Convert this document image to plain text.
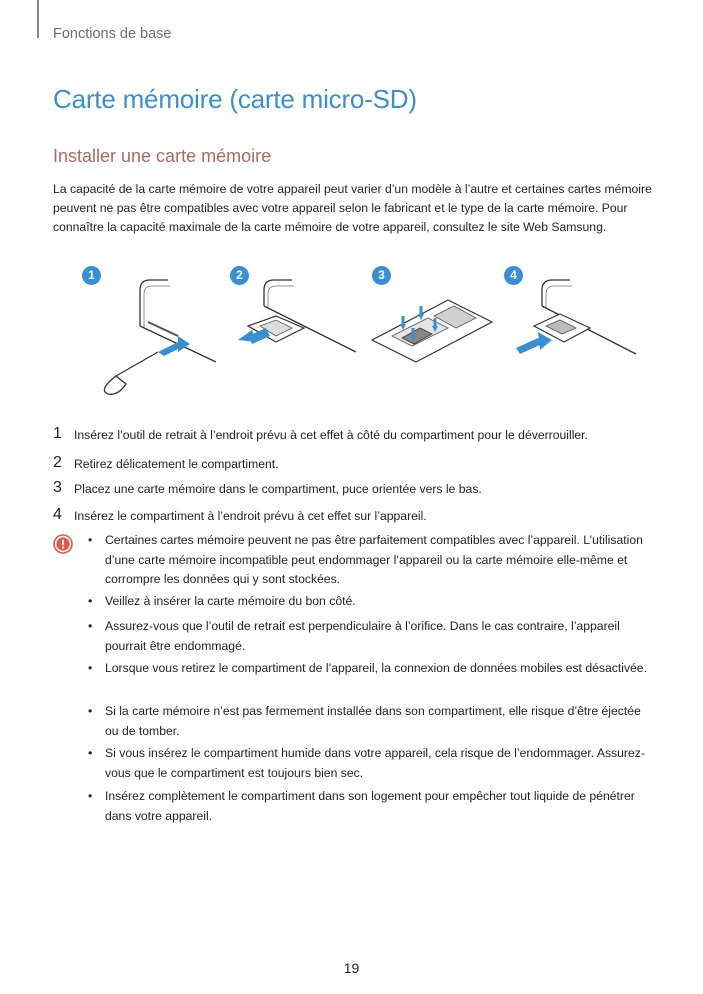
Fonctions de base
Carte mémoire (carte micro-SD)
Installer une carte mémoire

La capacité de la carte mémoire de votre appareil peut varier d’un modèle à l’autre et certaines cartes mémoire peuvent ne pas être compatibles avec votre appareil selon le fabricant et le type de la carte mémoire. Pour connaître la capacité maximale de la carte mémoire de votre appareil, consultez le site Web Samsung.

1	2	3	4
1 Insérez l’outil de retrait à l’endroit prévu à cet effet à côté du compartiment pour le déverrouiller.
2 Retirez délicatement le compartiment.
3 Placez une carte mémoire dans le compartiment, puce orientée vers le bas.
4 Insérez le compartiment à l’endroit prévu à cet effet sur l’appareil.
• Certaines cartes mémoire peuvent ne pas être parfaitement compatibles avec l’appareil. L’utilisation d’une carte mémoire incompatible peut endommager l’appareil ou la carte mémoire elle-même et corrompre les données qui y sont stockées.
• Veillez à insérer la carte mémoire du bon côté.
• Assurez-vous que l’outil de retrait est perpendiculaire à l’orifice. Dans le cas contraire, l’appareil pourrait être endommagé.
• Lorsque vous retirez le compartiment de l’appareil, la connexion de données mobiles est désactivée.
• Si la carte mémoire n’est pas fermement installée dans son compartiment, elle risque d’être éjectée ou de tomber.
• Si vous insérez le compartiment humide dans votre appareil, cela risque de l’endommager. Assurez-vous que le compartiment est toujours bien sec.
• Insérez complètement le compartiment dans son logement pour empêcher tout liquide de pénétrer dans votre appareil.
19
